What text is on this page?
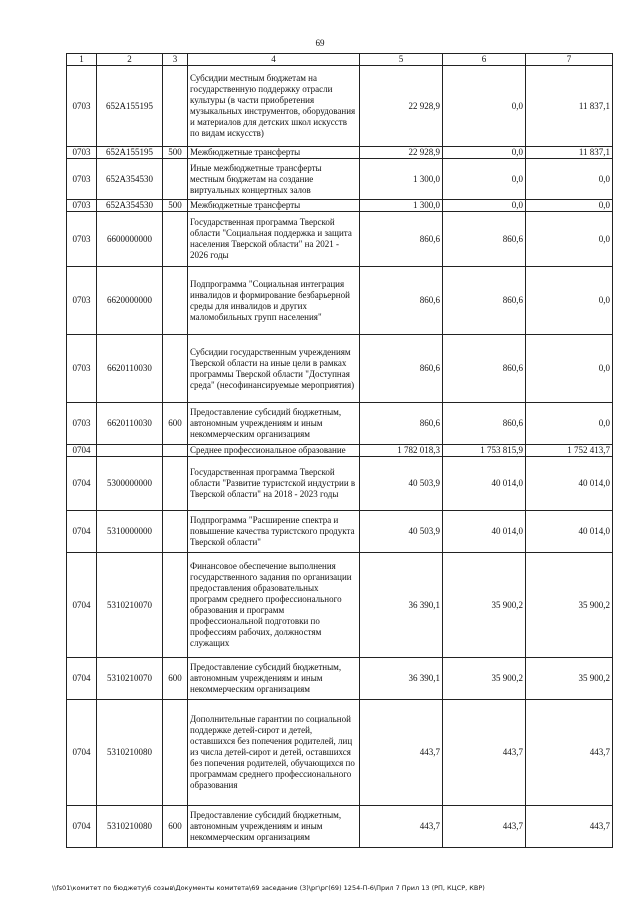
69
1	2	3	4	5	6	7
0703	652A155195		Субсидии местным бюджетам на государственную поддержку отрасли культуры (в части приобретения музыкальных инструментов, оборудования и материалов для детских школ искусств по видам искусств)	22 928,9	0,0	11 837,1
0703	652A155195	500	Межбюджетные трансферты	22 928,9	0,0	11 837,1
0703	652A354530		Иные межбюджетные трансферты местным бюджетам на создание виртуальных концертных залов	1 300,0	0,0	0,0
0703	652A354530	500	Межбюджетные трансферты	1 300,0	0,0	0,0
0703	6600000000		Государственная программа Тверской области "Социальная поддержка и защита населения Тверской области" на 2021 - 2026 годы	860,6	860,6	0,0
0703	6620000000		Подпрограмма "Социальная интеграция инвалидов и формирование безбарьерной среды для инвалидов и других маломобильных групп населения"	860,6	860,6	0,0
0703	6620110030		Субсидии государственным учреждениям Тверской области на иные цели в рамках программы Тверской области "Доступная среда" (несофинансируемые мероприятия)	860,6	860,6	0,0
0703	6620110030	600	Предоставление субсидий бюджетным, автономным учреждениям и иным некоммерческим организациям	860,6	860,6	0,0
0704			Среднее профессиональное образование	1 782 018,3	1 753 815,9	1 752 413,7
0704	5300000000		Государственная программа Тверской области "Развитие туристской индустрии в Тверской области" на 2018 - 2023 годы	40 503,9	40 014,0	40 014,0
0704	5310000000		Подпрограмма "Расширение спектра и повышение качества туристского продукта Тверской области"	40 503,9	40 014,0	40 014,0
0704	5310210070		Финансовое обеспечение выполнения государственного задания по организации предоставления образовательных программ среднего профессионального образования и программ профессиональной подготовки по профессиям рабочих, должностям служащих	36 390,1	35 900,2	35 900,2
0704	5310210070	600	Предоставление субсидий бюджетным, автономным учреждениям и иным некоммерческим организациям	36 390,1	35 900,2	35 900,2
0704	5310210080		Дополнительные гарантии по социальной поддержке детей-сирот и детей, оставшихся без попечения родителей, лиц из числа детей-сирот и детей, оставшихся без попечения родителей, обучающихся по программам среднего профессионального образования	443,7	443,7	443,7
0704	5310210080	600	Предоставление субсидий бюджетным, автономным учреждениям и иным некоммерческим организациям	443,7	443,7	443,7
\\fs01\комитет по бюджету\6 созыв\Документы комитета\69 заседание (3)\рг\рг(69) 1254-П-6\Прил 7 Прил 13 (РП, КЦСР, КВР)
